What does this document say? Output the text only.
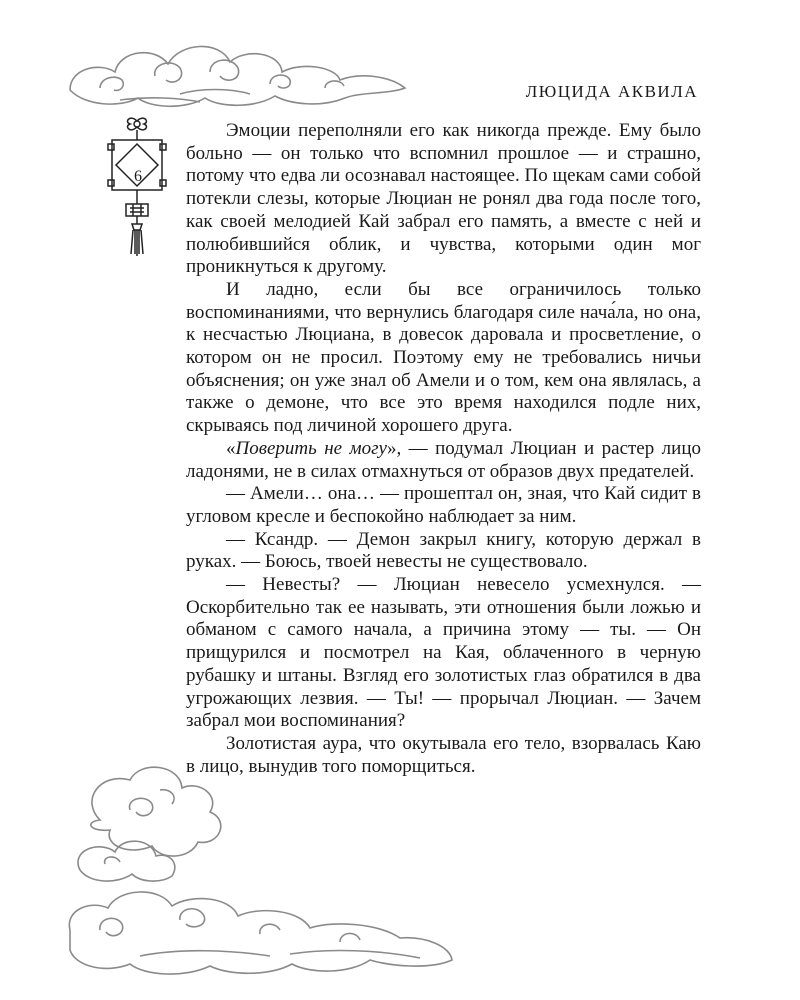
ЛЮЦИДА АКВИЛА
6

Эмоции переполняли его как никогда прежде. Ему было больно — он только что вспомнил прошлое — и страшно, потому что едва ли осознавал настоящее. По щекам сами собой потекли слезы, которые Люциан не ронял два года после того, как своей мелодией Кай забрал его память, а вместе с ней и полюбившийся облик, и чувства, которыми один мог проникнуться к другому.

И ладно, если бы все ограничилось только воспоминаниями, что вернулись благодаря силе нача́ла, но она, к несчастью Люциана, в довесок даровала и просветление, о котором он не просил. Поэтому ему не требовались ничьи объяснения; он уже знал об Амели и о том, кем она являлась, а также о демоне, что все это время находился подле них, скрываясь под личиной хорошего друга.

«Поверить не могу», — подумал Люциан и растер лицо ладонями, не в силах отмахнуться от образов двух предателей.

— Амели… она… — прошептал он, зная, что Кай сидит в угловом кресле и беспокойно наблюдает за ним.

— Ксандр. — Демон закрыл книгу, которую держал в руках. — Боюсь, твоей невесты не существовало.

— Невесты? — Люциан невесело усмехнулся. — Оскорбительно так ее называть, эти отношения были ложью и обманом с самого начала, а причина этому — ты. — Он прищурился и посмотрел на Кая, облаченного в черную рубашку и штаны. Взгляд его золотистых глаз обратился в два угрожающих лезвия. — Ты! — прорычал Люциан. — Зачем забрал мои воспоминания?

Золотистая аура, что окутывала его тело, взорвалась Каю в лицо, вынудив того поморщиться.
